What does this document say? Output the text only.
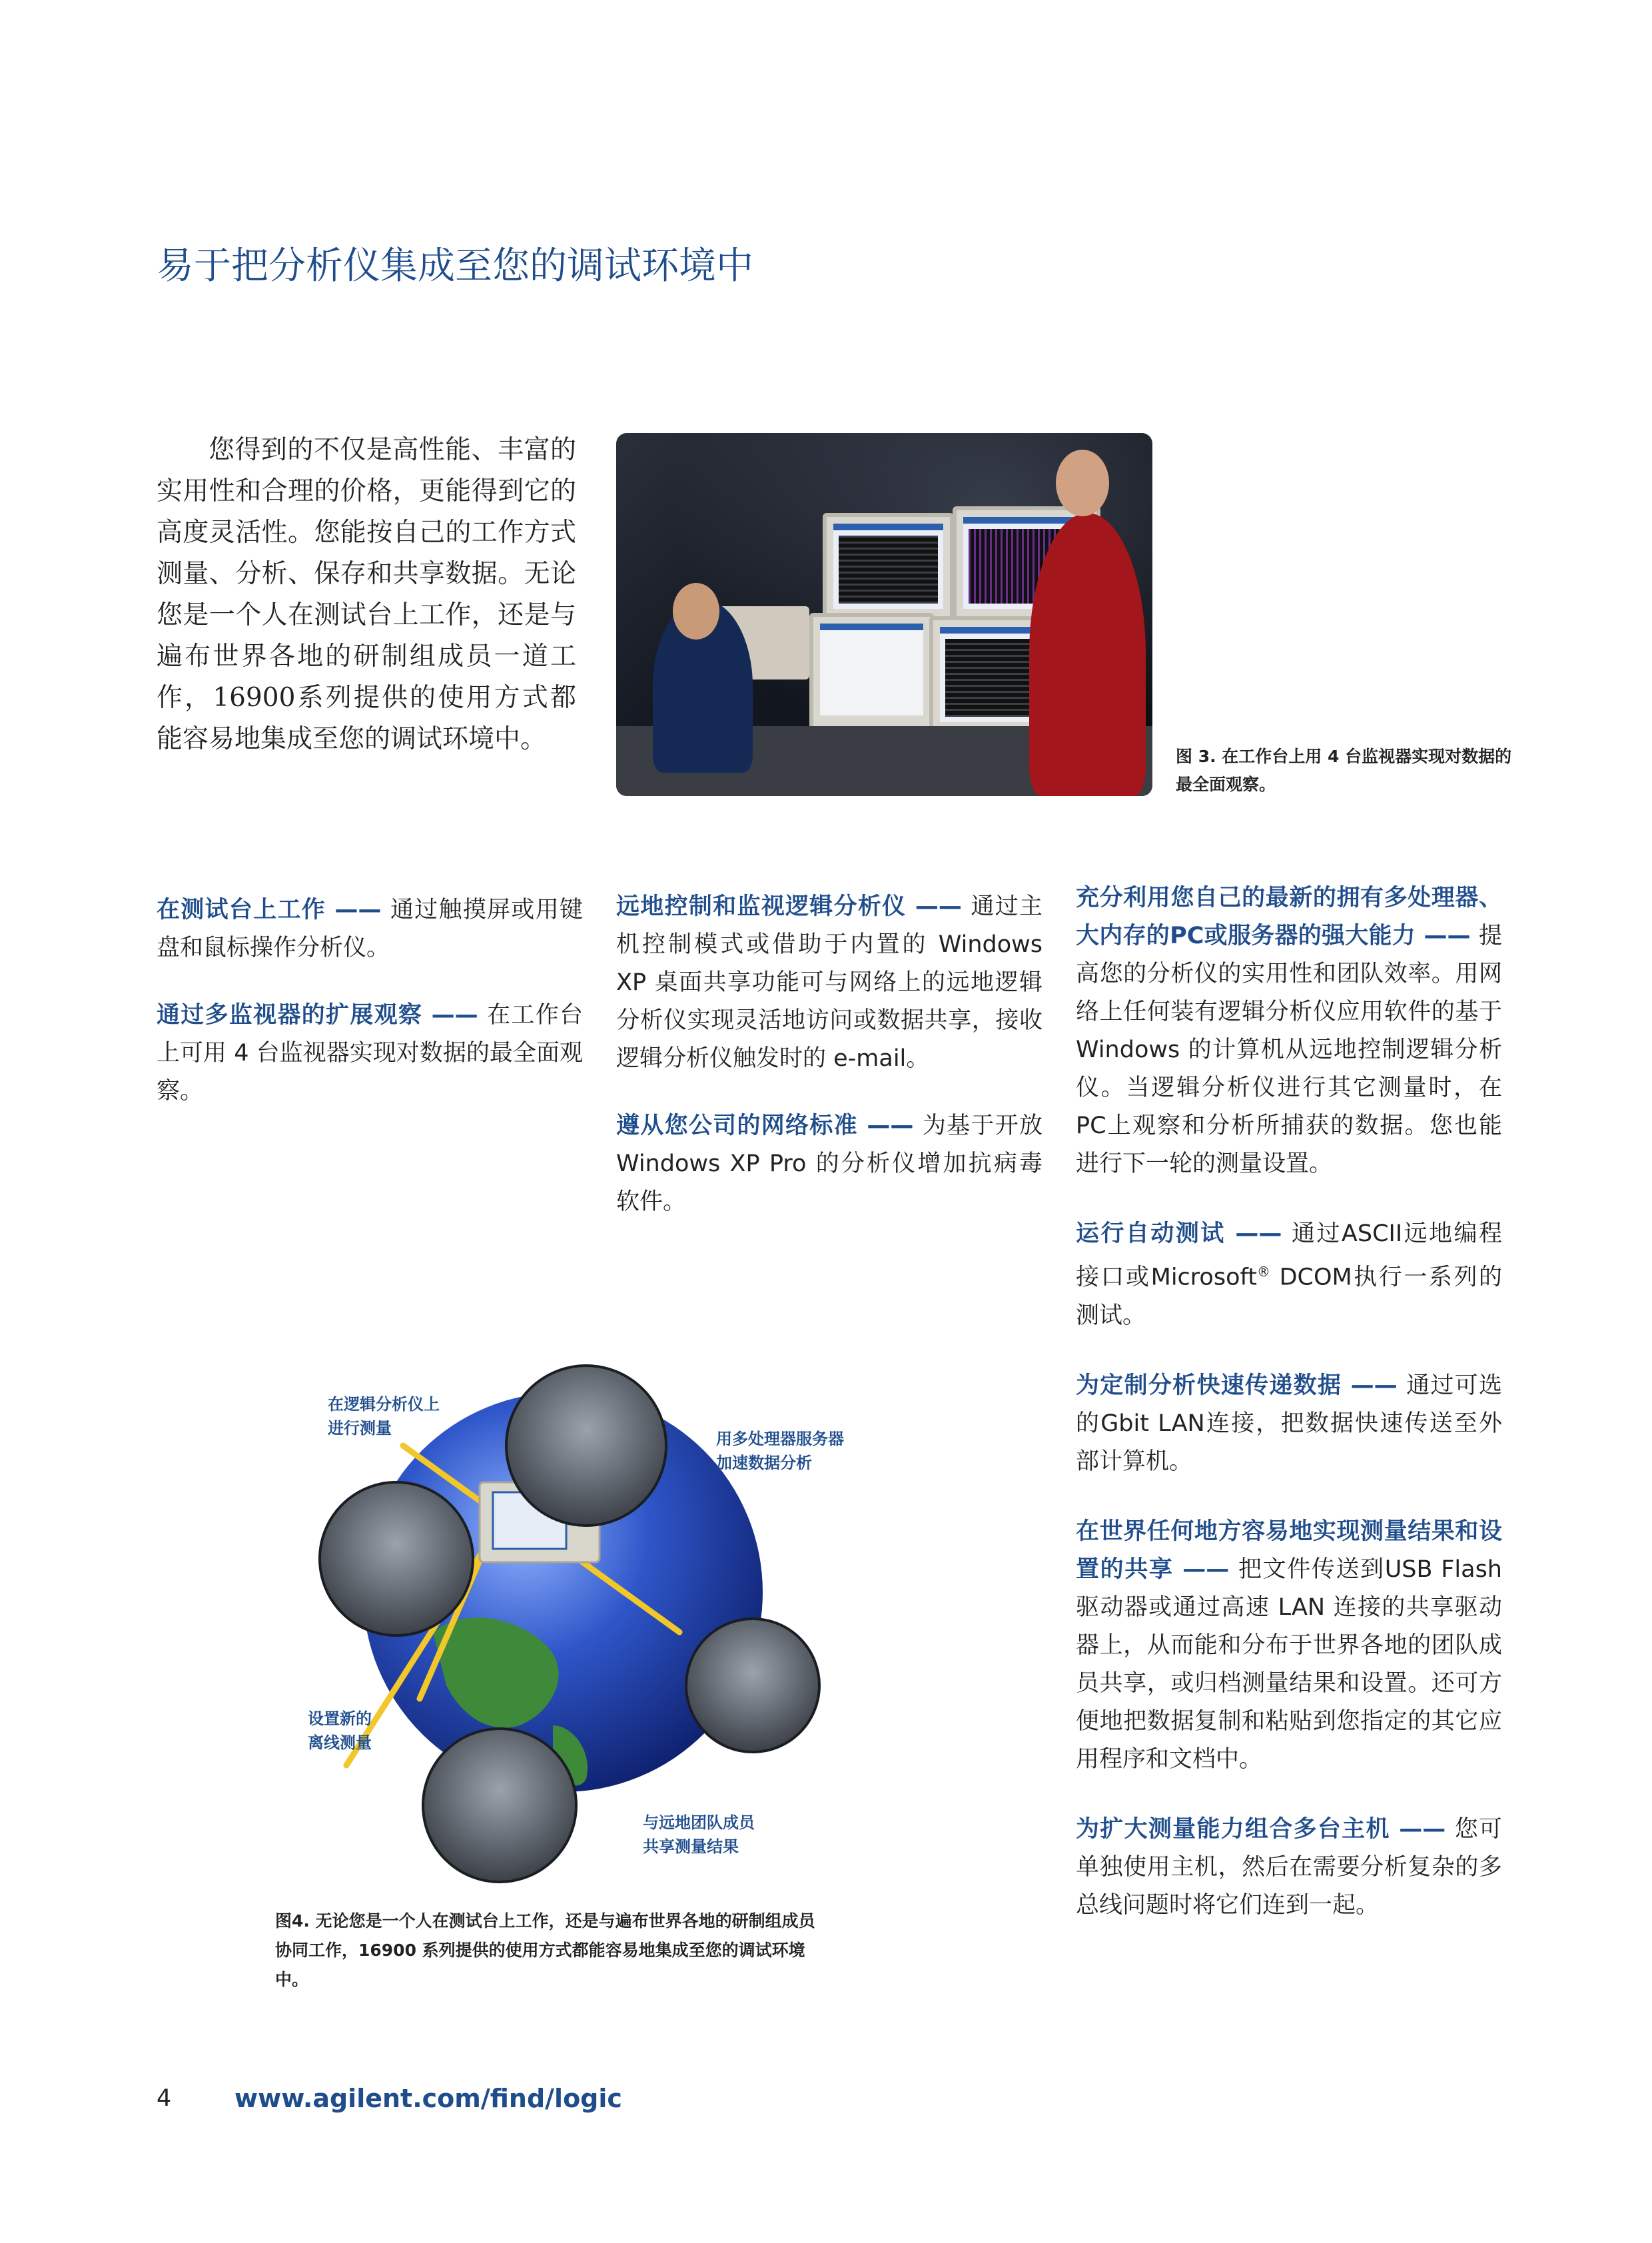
易于把分析仪集成至您的调试环境中

您得到的不仅是高性能、丰富的实用性和合理的价格，更能得到它的高度灵活性。您能按自己的工作方式测量、分析、保存和共享数据。无论您是一个人在测试台上工作，还是与遍布世界各地的研制组成员一道工作，16900系列提供的使用方式都能容易地集成至您的调试环境中。

图 3. 在工作台上用 4 台监视器实现对数据的最全面观察。

在测试台上工作 —— 通过触摸屏或用键盘和鼠标操作分析仪。

通过多监视器的扩展观察 —— 在工作台上可用 4 台监视器实现对数据的最全面观察。

远地控制和监视逻辑分析仪 —— 通过主机控制模式或借助于内置的 Windows XP 桌面共享功能可与网络上的远地逻辑分析仪实现灵活地访问或数据共享，接收逻辑分析仪触发时的 e-mail。

遵从您公司的网络标准 —— 为基于开放 Windows XP Pro 的分析仪增加抗病毒软件。

充分利用您自己的最新的拥有多处理器、大内存的PC或服务器的强大能力 —— 提高您的分析仪的实用性和团队效率。用网络上任何装有逻辑分析仪应用软件的基于 Windows 的计算机从远地控制逻辑分析仪。当逻辑分析仪进行其它测量时，在PC上观察和分析所捕获的数据。您也能进行下一轮的测量设置。

运行自动测试 —— 通过ASCII远地编程接口或Microsoft® DCOM执行一系列的测试。

为定制分析快速传递数据 —— 通过可选的Gbit LAN连接，把数据快速传送至外部计算机。

在世界任何地方容易地实现测量结果和设置的共享 —— 把文件传送到USB Flash驱动器或通过高速 LAN 连接的共享驱动器上，从而能和分布于世界各地的团队成员共享，或归档测量结果和设置。还可方便地把数据复制和粘贴到您指定的其它应用程序和文档中。

为扩大测量能力组合多台主机 —— 您可单独使用主机，然后在需要分析复杂的多总线问题时将它们连到一起。

在逻辑分析仪上
进行测量
用多处理器服务器
加速数据分析
设置新的
离线测量
与远地团队成员
共享测量结果
图4. 无论您是一个人在测试台上工作，还是与遍布世界各地的研制组成员协同工作，16900 系列提供的使用方式都能容易地集成至您的调试环境中。
4 www.agilent.com/find/logic
